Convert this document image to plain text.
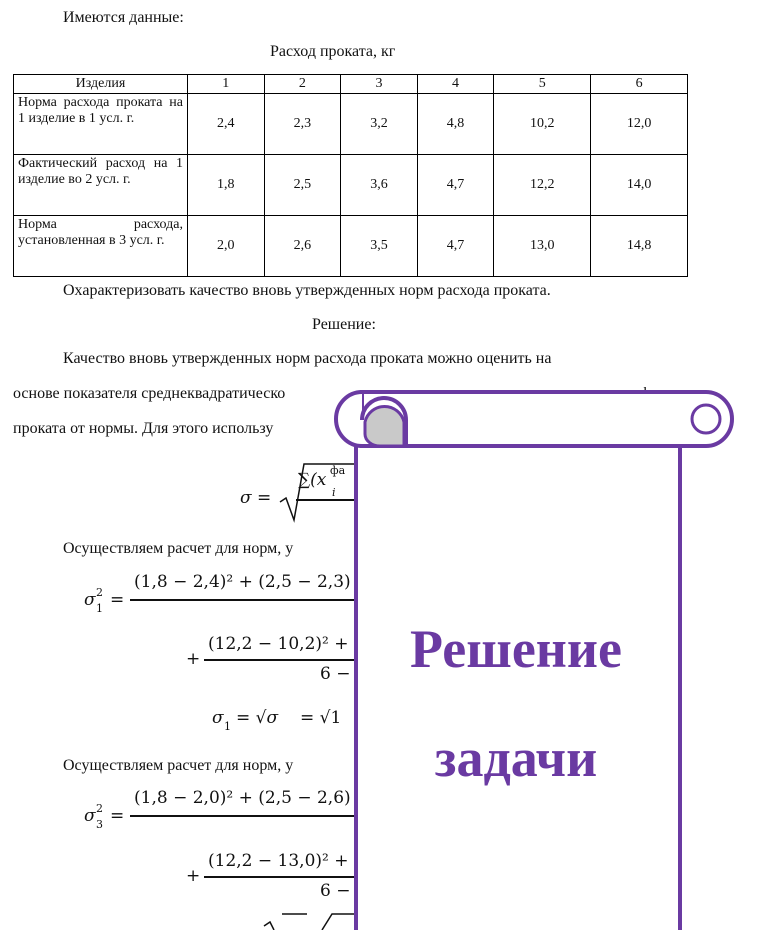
Имеются данные:
Расход проката, кг
Изделия	1	2	3	4	5	6
Норма расхода проката на 1 изделие в 1 усл. г.	2,4	2,3	3,2	4,8	10,2	12,0
Фактический расход на 1 изделие во 2 усл. г.	1,8	2,5	3,6	4,7	12,2	14,0
Норма расхода, установленная в 3 усл. г.	2,0	2,6	3,5	4,7	13,0	14,8
Охарактеризовать качество вновь утвержденных норм расхода проката.
Решение:
Качество вновь утвержденных норм расхода проката можно оценить на
основе показателя среднеквадратическо
проката от нормы. Для этого использу
σ =
∑(x
i
фа
Осуществляем расчет для норм, у
σ 1
2 =
(1,8 − 2,4)² + (2,5 − 2,3)
+
(12,2 − 10,2)² +
6 −
σ 1 = √σ = √1
Осуществляем расчет для норм, у
σ 3
2 =
(1,8 − 2,0)² + (2,5 − 2,6)
+
(12,2 − 13,0)² +
6 −
Решение
задачи
